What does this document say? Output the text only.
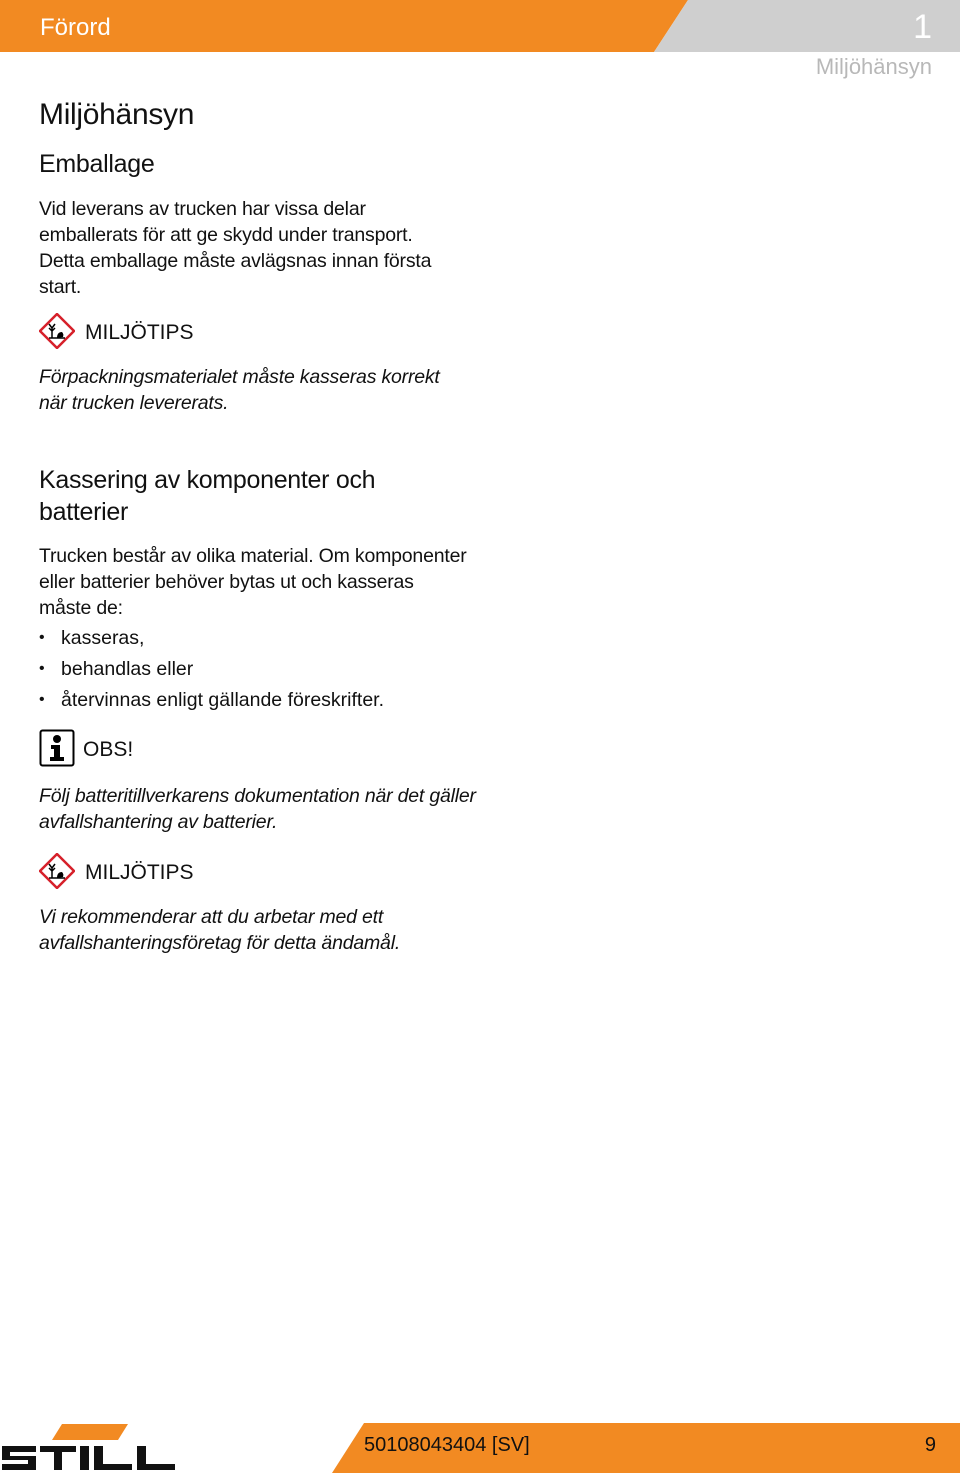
Förord	1
Miljöhänsyn
Miljöhänsyn
Emballage

Vid leverans av trucken har vissa delar emballerats för att ge skydd under transport. Detta emballage måste avlägsnas innan första start.

MILJÖTIPS

Förpackningsmaterialet måste kasseras korrekt när trucken levererats.

Kassering av komponenter och
batterier

Trucken består av olika material. Om komponenter eller batterier behöver bytas ut och kasseras måste de:

• kasseras,
• behandlas eller
• återvinnas enligt gällande föreskrifter.
OBS!

Följ batteritillverkarens dokumentation när det gäller avfallshantering av batterier.

MILJÖTIPS

Vi rekommenderar att du arbetar med ett avfallshanteringsföretag för detta ändamål.

50108043404 [SV]	9
